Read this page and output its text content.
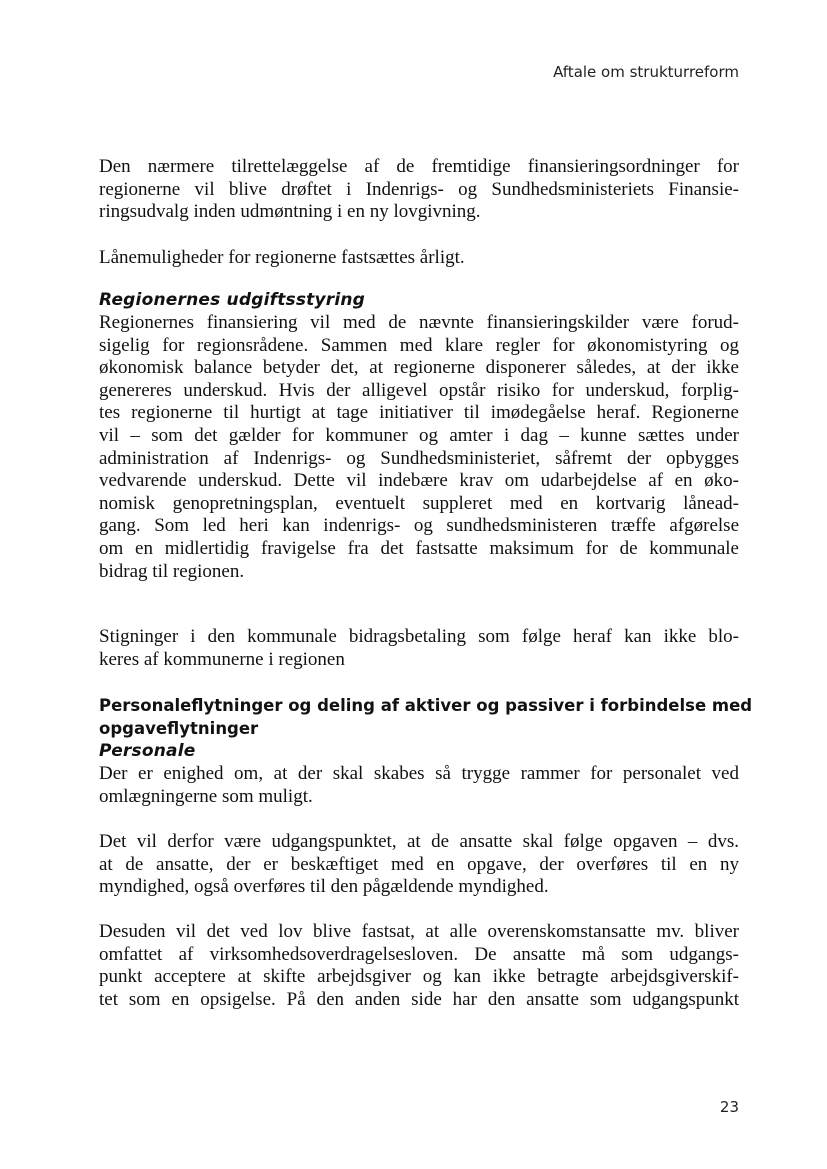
Aftale om strukturreform
Den nærmere tilrettelæggelse af de fremtidige finansieringsordninger for
regionerne vil blive drøftet i Indenrigs- og Sundhedsministeriets Finansie-
ringsudvalg inden udmøntning i en ny lovgivning.
Lånemuligheder for regionerne fastsættes årligt.
Regionernes udgiftsstyring
Regionernes finansiering vil med de nævnte finansieringskilder være forud-
sigelig for regionsrådene. Sammen med klare regler for økonomistyring og
økonomisk balance betyder det, at regionerne disponerer således, at der ikke
genereres underskud. Hvis der alligevel opstår risiko for underskud, forplig-
tes regionerne til hurtigt at tage initiativer til imødegåelse heraf. Regionerne
vil – som det gælder for kommuner og amter i dag – kunne sættes under
administration af Indenrigs- og Sundhedsministeriet, såfremt der opbygges
vedvarende underskud. Dette vil indebære krav om udarbejdelse af en øko-
nomisk genopretningsplan, eventuelt suppleret med en kortvarig lånead-
gang. Som led heri kan indenrigs- og sundhedsministeren træffe afgørelse
om en midlertidig fravigelse fra det fastsatte maksimum for de kommunale
bidrag til regionen.
Stigninger i den kommunale bidragsbetaling som følge heraf kan ikke blo-
keres af kommunerne i regionen
Personaleflytninger og deling af aktiver og passiver i forbindelse med
opgaveflytninger
Personale
Der er enighed om, at der skal skabes så trygge rammer for personalet ved
omlægningerne som muligt.
Det vil derfor være udgangspunktet, at de ansatte skal følge opgaven – dvs.
at de ansatte, der er beskæftiget med en opgave, der overføres til en ny
myndighed, også overføres til den pågældende myndighed.
Desuden vil det ved lov blive fastsat, at alle overenskomstansatte mv. bliver
omfattet af virksomhedsoverdragelsesloven. De ansatte må som udgangs-
punkt acceptere at skifte arbejdsgiver og kan ikke betragte arbejdsgiverskif-
tet som en opsigelse. På den anden side har den ansatte som udgangspunkt
23
